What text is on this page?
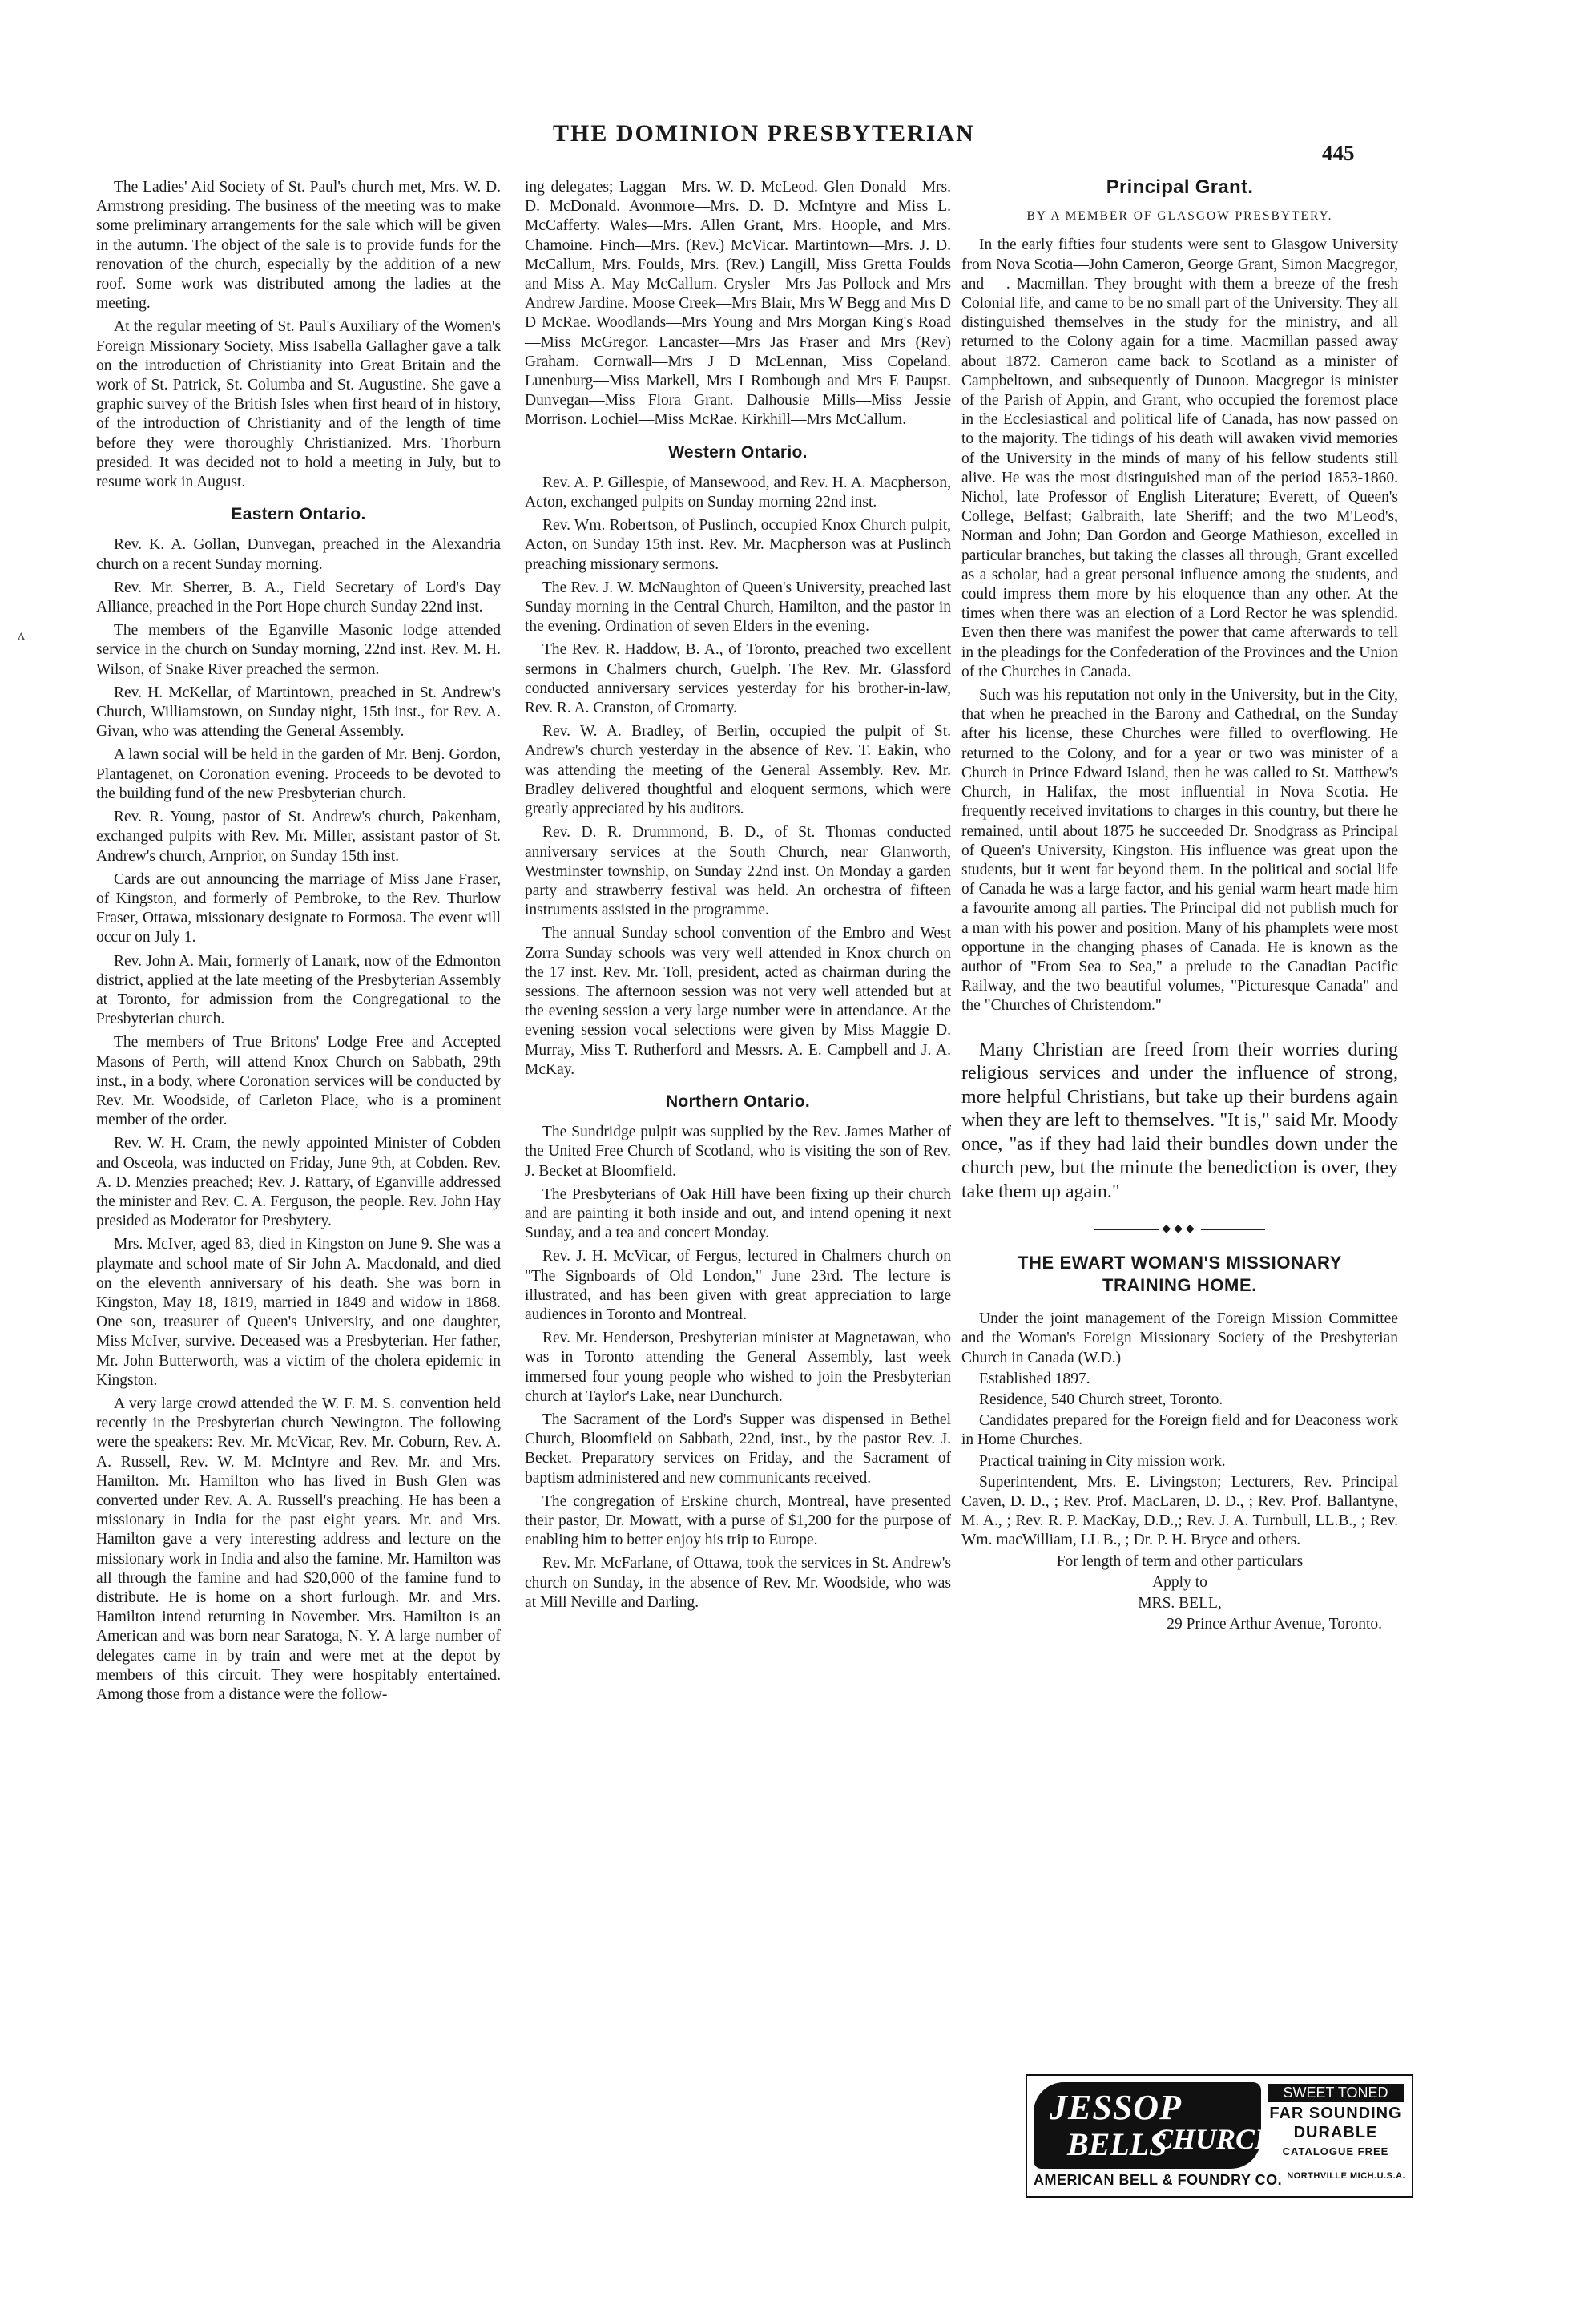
ʌ
THE DOMINION PRESBYTERIAN
445

The Ladies' Aid Society of St. Paul's church met, Mrs. W. D. Armstrong presiding. The business of the meeting was to make some preliminary arrangements for the sale which will be given in the autumn. The object of the sale is to provide funds for the renovation of the church, especially by the addition of a new roof. Some work was distributed among the ladies at the meeting.

At the regular meeting of St. Paul's Auxiliary of the Women's Foreign Missionary Society, Miss Isabella Gallagher gave a talk on the introduction of Christianity into Great Britain and the work of St. Patrick, St. Columba and St. Augustine. She gave a graphic survey of the British Isles when first heard of in history, of the introduction of Christianity and of the length of time before they were thoroughly Christianized. Mrs. Thorburn presided. It was decided not to hold a meeting in July, but to resume work in August.

Eastern Ontario.

Rev. K. A. Gollan, Dunvegan, preached in the Alexandria church on a recent Sunday morning.

Rev. Mr. Sherrer, B. A., Field Secretary of Lord's Day Alliance, preached in the Port Hope church Sunday 22nd inst.

The members of the Eganville Masonic lodge attended service in the church on Sunday morning, 22nd inst. Rev. M. H. Wilson, of Snake River preached the sermon.

Rev. H. McKellar, of Martintown, preached in St. Andrew's Church, Williamstown, on Sunday night, 15th inst., for Rev. A. Givan, who was attending the General Assembly.

A lawn social will be held in the garden of Mr. Benj. Gordon, Plantagenet, on Coronation evening. Proceeds to be devoted to the building fund of the new Presbyterian church.

Rev. R. Young, pastor of St. Andrew's church, Pakenham, exchanged pulpits with Rev. Mr. Miller, assistant pastor of St. Andrew's church, Arnprior, on Sunday 15th inst.

Cards are out announcing the marriage of Miss Jane Fraser, of Kingston, and formerly of Pembroke, to the Rev. Thurlow Fraser, Ottawa, missionary designate to Formosa. The event will occur on July 1.

Rev. John A. Mair, formerly of Lanark, now of the Edmonton district, applied at the late meeting of the Presbyterian Assembly at Toronto, for admission from the Congregational to the Presbyterian church.

The members of True Britons' Lodge Free and Accepted Masons of Perth, will attend Knox Church on Sabbath, 29th inst., in a body, where Coronation services will be conducted by Rev. Mr. Woodside, of Carleton Place, who is a prominent member of the order.

Rev. W. H. Cram, the newly appointed Minister of Cobden and Osceola, was inducted on Friday, June 9th, at Cobden. Rev. A. D. Menzies preached; Rev. J. Rattary, of Eganville addressed the minister and Rev. C. A. Ferguson, the people. Rev. John Hay presided as Moderator for Presbytery.

Mrs. McIver, aged 83, died in Kingston on June 9. She was a playmate and school mate of Sir John A. Macdonald, and died on the eleventh anniversary of his death. She was born in Kingston, May 18, 1819, married in 1849 and widow in 1868. One son, treasurer of Queen's University, and one daughter, Miss McIver, survive. Deceased was a Presbyterian. Her father, Mr. John Butterworth, was a victim of the cholera epidemic in Kingston.

A very large crowd attended the W. F. M. S. convention held recently in the Presbyterian church Newington. The following were the speakers: Rev. Mr. McVicar, Rev. Mr. Coburn, Rev. A. A. Russell, Rev. W. M. McIntyre and Rev. Mr. and Mrs. Hamilton. Mr. Hamilton who has lived in Bush Glen was converted under Rev. A. A. Russell's preaching. He has been a missionary in India for the past eight years. Mr. and Mrs. Hamilton gave a very interesting address and lecture on the missionary work in India and also the famine. Mr. Hamilton was all through the famine and had $20,000 of the famine fund to distribute. He is home on a short furlough. Mr. and Mrs. Hamilton intend returning in November. Mrs. Hamilton is an American and was born near Saratoga, N. Y. A large number of delegates came in by train and were met at the depot by members of this circuit. They were hospitably entertained. Among those from a distance were the follow-

ing delegates; Laggan—Mrs. W. D. McLeod. Glen Donald—Mrs. D. McDonald. Avonmore—Mrs. D. D. McIntyre and Miss L. McCafferty. Wales—Mrs. Allen Grant, Mrs. Hoople, and Mrs. Chamoine. Finch—Mrs. (Rev.) McVicar. Martintown—Mrs. J. D. McCallum, Mrs. Foulds, Mrs. (Rev.) Langill, Miss Gretta Foulds and Miss A. May McCallum. Crysler—Mrs Jas Pollock and Mrs Andrew Jardine. Moose Creek—Mrs Blair, Mrs W Begg and Mrs D D McRae. Woodlands—Mrs Young and Mrs Morgan King's Road—Miss McGregor. Lancaster—Mrs Jas Fraser and Mrs (Rev) Graham. Cornwall—Mrs J D McLennan, Miss Copeland. Lunenburg—Miss Markell, Mrs I Rombough and Mrs E Paupst. Dunvegan—Miss Flora Grant. Dalhousie Mills—Miss Jessie Morrison. Lochiel—Miss McRae. Kirkhill—Mrs McCallum.

Western Ontario.

Rev. A. P. Gillespie, of Mansewood, and Rev. H. A. Macpherson, Acton, exchanged pulpits on Sunday morning 22nd inst.

Rev. Wm. Robertson, of Puslinch, occupied Knox Church pulpit, Acton, on Sunday 15th inst. Rev. Mr. Macpherson was at Puslinch preaching missionary sermons.

The Rev. J. W. McNaughton of Queen's University, preached last Sunday morning in the Central Church, Hamilton, and the pastor in the evening. Ordination of seven Elders in the evening.

The Rev. R. Haddow, B. A., of Toronto, preached two excellent sermons in Chalmers church, Guelph. The Rev. Mr. Glassford conducted anniversary services yesterday for his brother-in-law, Rev. R. A. Cranston, of Cromarty.

Rev. W. A. Bradley, of Berlin, occupied the pulpit of St. Andrew's church yesterday in the absence of Rev. T. Eakin, who was attending the meeting of the General Assembly. Rev. Mr. Bradley delivered thoughtful and eloquent sermons, which were greatly appreciated by his auditors.

Rev. D. R. Drummond, B. D., of St. Thomas conducted anniversary services at the South Church, near Glanworth, Westminster township, on Sunday 22nd inst. On Monday a garden party and strawberry festival was held. An orchestra of fifteen instruments assisted in the programme.

The annual Sunday school convention of the Embro and West Zorra Sunday schools was very well attended in Knox church on the 17 inst. Rev. Mr. Toll, president, acted as chairman during the sessions. The afternoon session was not very well attended but at the evening session a very large number were in attendance. At the evening session vocal selections were given by Miss Maggie D. Murray, Miss T. Rutherford and Messrs. A. E. Campbell and J. A. McKay.

Northern Ontario.

The Sundridge pulpit was supplied by the Rev. James Mather of the United Free Church of Scotland, who is visiting the son of Rev. J. Becket at Bloomfield.

The Presbyterians of Oak Hill have been fixing up their church and are painting it both inside and out, and intend opening it next Sunday, and a tea and concert Monday.

Rev. J. H. McVicar, of Fergus, lectured in Chalmers church on "The Signboards of Old London," June 23rd. The lecture is illustrated, and has been given with great appreciation to large audiences in Toronto and Montreal.

Rev. Mr. Henderson, Presbyterian minister at Magnetawan, who was in Toronto attending the General Assembly, last week immersed four young people who wished to join the Presbyterian church at Taylor's Lake, near Dunchurch.

The Sacrament of the Lord's Supper was dispensed in Bethel Church, Bloomfield on Sabbath, 22nd, inst., by the pastor Rev. J. Becket. Preparatory services on Friday, and the Sacrament of baptism administered and new communicants received.

The congregation of Erskine church, Montreal, have presented their pastor, Dr. Mowatt, with a purse of $1,200 for the purpose of enabling him to better enjoy his trip to Europe.

Rev. Mr. McFarlane, of Ottawa, took the services in St. Andrew's church on Sunday, in the absence of Rev. Mr. Woodside, who was at Mill Neville and Darling.

Principal Grant.
BY A MEMBER OF GLASGOW PRESBYTERY.

In the early fifties four students were sent to Glasgow University from Nova Scotia—John Cameron, George Grant, Simon Macgregor, and —. Macmillan. They brought with them a breeze of the fresh Colonial life, and came to be no small part of the University. They all distinguished themselves in the study for the ministry, and all returned to the Colony again for a time. Macmillan passed away about 1872. Cameron came back to Scotland as a minister of Campbeltown, and subsequently of Dunoon. Macgregor is minister of the Parish of Appin, and Grant, who occupied the foremost place in the Ecclesiastical and political life of Canada, has now passed on to the majority. The tidings of his death will awaken vivid memories of the University in the minds of many of his fellow students still alive. He was the most distinguished man of the period 1853-1860. Nichol, late Professor of English Literature; Everett, of Queen's College, Belfast; Galbraith, late Sheriff; and the two M'Leod's, Norman and John; Dan Gordon and George Mathieson, excelled in particular branches, but taking the classes all through, Grant excelled as a scholar, had a great personal influence among the students, and could impress them more by his eloquence than any other. At the times when there was an election of a Lord Rector he was splendid. Even then there was manifest the power that came afterwards to tell in the pleadings for the Confederation of the Provinces and the Union of the Churches in Canada.

Such was his reputation not only in the University, but in the City, that when he preached in the Barony and Cathedral, on the Sunday after his license, these Churches were filled to overflowing. He returned to the Colony, and for a year or two was minister of a Church in Prince Edward Island, then he was called to St. Matthew's Church, in Halifax, the most influential in Nova Scotia. He frequently received invitations to charges in this country, but there he remained, until about 1875 he succeeded Dr. Snodgrass as Principal of Queen's University, Kingston. His influence was great upon the students, but it went far beyond them. In the political and social life of Canada he was a large factor, and his genial warm heart made him a favourite among all parties. The Principal did not publish much for a man with his power and position. Many of his phamplets were most opportune in the changing phases of Canada. He is known as the author of "From Sea to Sea," a prelude to the Canadian Pacific Railway, and the two beautiful volumes, "Picturesque Canada" and the "Churches of Christendom."

Many Christian are freed from their worries during religious services and under the influence of strong, more helpful Christians, but take up their burdens again when they are left to themselves. "It is," said Mr. Moody once, "as if they had laid their bundles down under the church pew, but the minute the benediction is over, they take them up again."
◆◆◆
THE EWART WOMAN'S MISSIONARY
TRAINING HOME.

Under the joint management of the Foreign Mission Committee and the Woman's Foreign Missionary Society of the Presbyterian Church in Canada (W.D.)

Established 1897.

Residence, 540 Church street, Toronto.

Candidates prepared for the Foreign field and for Deaconess work in Home Churches.

Practical training in City mission work.

Superintendent, Mrs. E. Livingston; Lecturers, Rev. Principal Caven, D. D., ; Rev. Prof. MacLaren, D. D., ; Rev. Prof. Ballantyne, M. A., ; Rev. R. P. MacKay, D.D.,; Rev. J. A. Turnbull, LL.B., ; Rev. Wm. macWilliam, LL B., ; Dr. P. H. Bryce and others.

For length of term and other particulars

Apply to

MRS. BELL,

29 Prince Arthur Avenue, Toronto.

JESSOP
BELLS
CHURCH
SWEET TONED
FAR SOUNDING
DURABLE
CATALOGUE FREE
AMERICAN BELL & FOUNDRY CO. NORTHVILLE MICH.U.S.A.
